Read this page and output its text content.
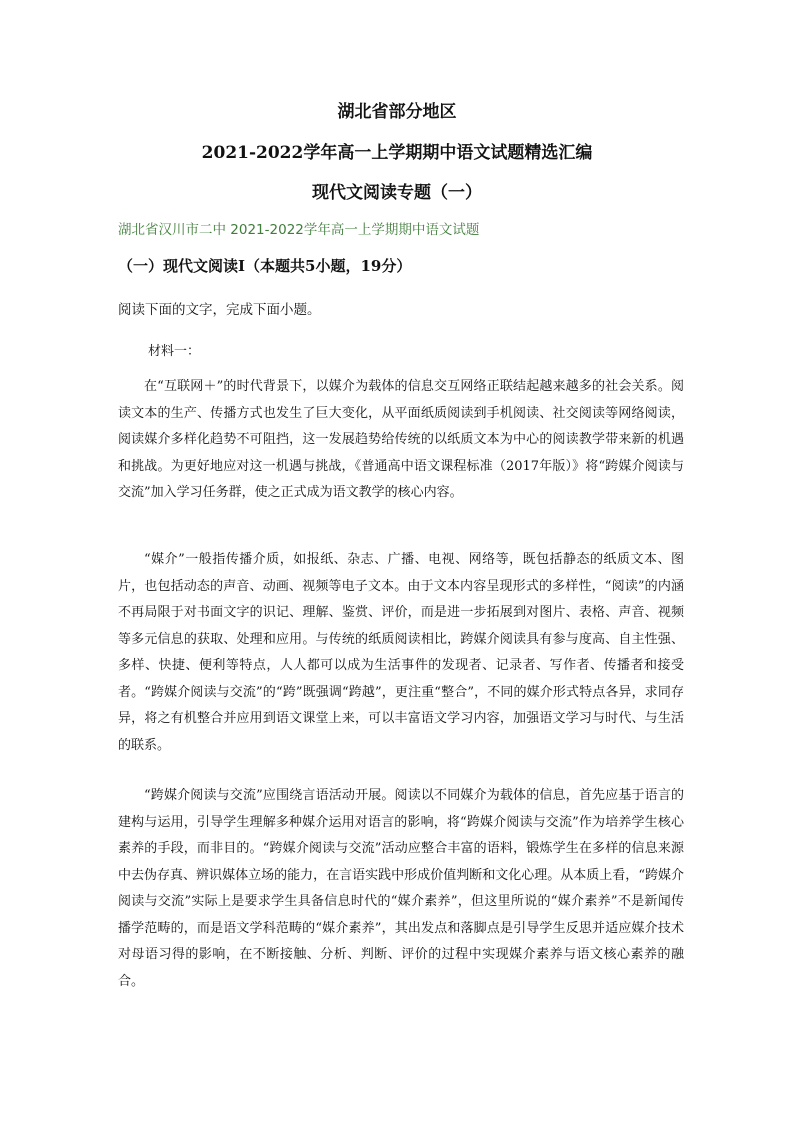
湖北省部分地区
2021-2022学年高一上学期期中语文试题精选汇编
现代文阅读专题（一）
湖北省汉川市二中 2021-2022学年高一上学期期中语文试题
（一）现代文阅读Ⅰ（本题共5小题，19分）
阅读下面的文字，完成下面小题。
材料一：

在“互联网＋”的时代背景下，以媒介为载体的信息交互网络正联结起越来越多的社会关系。阅读文本的生产、传播方式也发生了巨大变化，从平面纸质阅读到手机阅读、社交阅读等网络阅读，阅读媒介多样化趋势不可阻挡，这一发展趋势给传统的以纸质文本为中心的阅读教学带来新的机遇和挑战。为更好地应对这一机遇与挑战，《普通高中语文课程标准（2017年版）》将“跨媒介阅读与交流”加入学习任务群，使之正式成为语文教学的核心内容。

“媒介”一般指传播介质，如报纸、杂志、广播、电视、网络等，既包括静态的纸质文本、图片，也包括动态的声音、动画、视频等电子文本。由于文本内容呈现形式的多样性，“阅读”的内涵不再局限于对书面文字的识记、理解、鉴赏、评价，而是进一步拓展到对图片、表格、声音、视频等多元信息的获取、处理和应用。与传统的纸质阅读相比，跨媒介阅读具有参与度高、自主性强、多样、快捷、便利等特点，人人都可以成为生活事件的发现者、记录者、写作者、传播者和接受者。“跨媒介阅读与交流”的“跨”既强调“跨越”，更注重“整合”，不同的媒介形式特点各异，求同存异，将之有机整合并应用到语文课堂上来，可以丰富语文学习内容，加强语文学习与时代、与生活的联系。

“跨媒介阅读与交流”应围绕言语活动开展。阅读以不同媒介为载体的信息，首先应基于语言的建构与运用，引导学生理解多种媒介运用对语言的影响，将“跨媒介阅读与交流”作为培养学生核心素养的手段，而非目的。“跨媒介阅读与交流”活动应整合丰富的语料，锻炼学生在多样的信息来源中去伪存真、辨识媒体立场的能力，在言语实践中形成价值判断和文化心理。从本质上看，“跨媒介阅读与交流”实际上是要求学生具备信息时代的“媒介素养”，但这里所说的“媒介素养”不是新闻传播学范畴的，而是语文学科范畴的“媒介素养”，其出发点和落脚点是引导学生反思并适应媒介技术对母语习得的影响，在不断接触、分析、判断、评价的过程中实现媒介素养与语文核心素养的融合。
